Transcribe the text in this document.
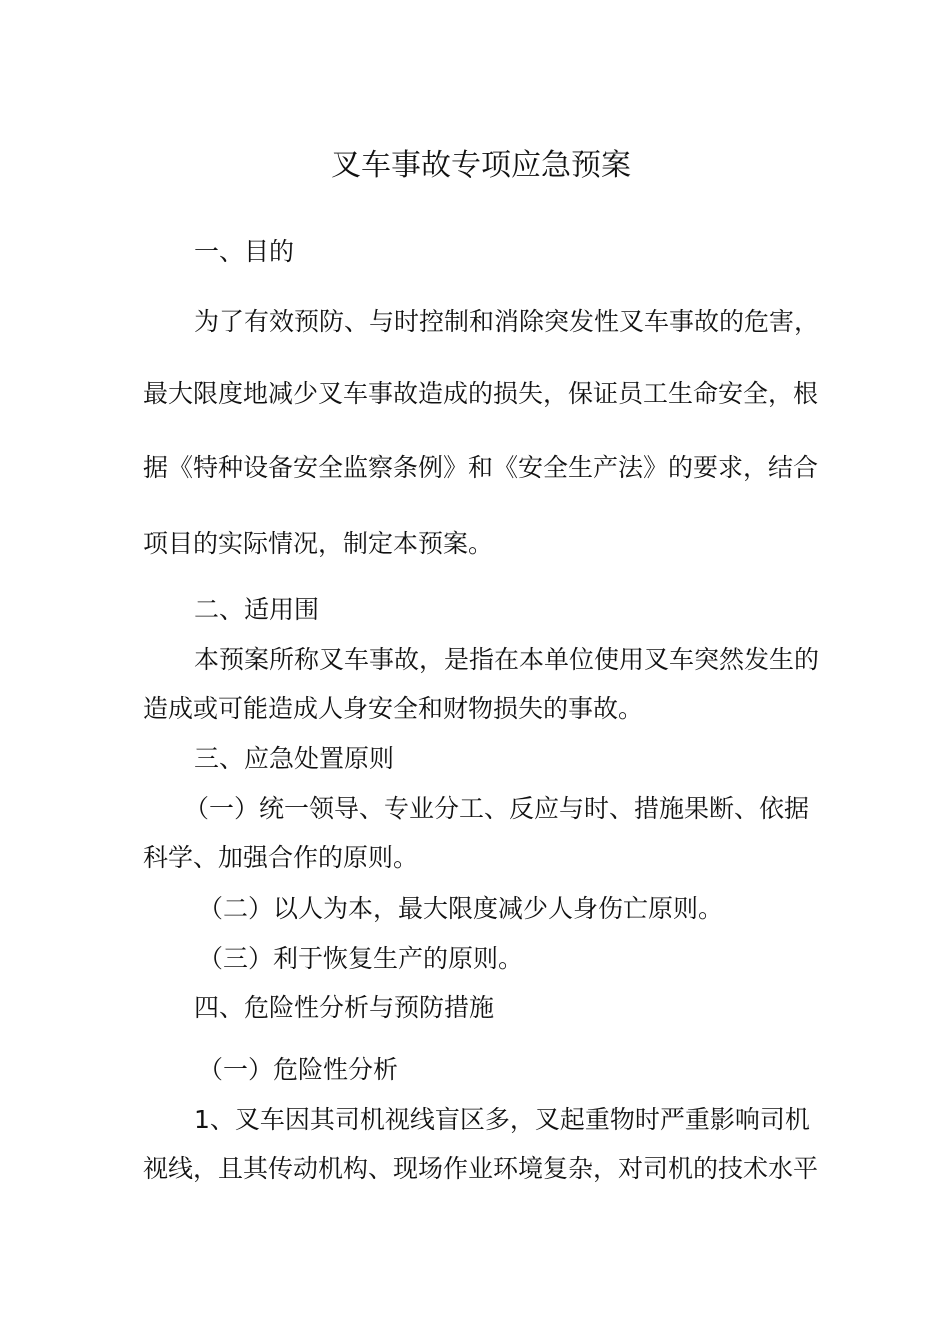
叉车事故专项应急预案

一、目的

为了有效预防、与时控制和消除突发性叉车事故的危害，

最大限度地减少叉车事故造成的损失，保证员工生命安全，根

据《特种设备安全监察条例》和《安全生产法》的要求，结合

项目的实际情况，制定本预案。

二、适用围

本预案所称叉车事故，是指在本单位使用叉车突然发生的

造成或可能造成人身安全和财物损失的事故。

三、应急处置原则

（一）统一领导、专业分工、反应与时、措施果断、依据

科学、加强合作的原则。

（二）以人为本，最大限度减少人身伤亡原则。

（三）利于恢复生产的原则。

四、危险性分析与预防措施

（一）危险性分析

1、叉车因其司机视线盲区多，叉起重物时严重影响司机

视线，且其传动机构、现场作业环境复杂，对司机的技术水平
